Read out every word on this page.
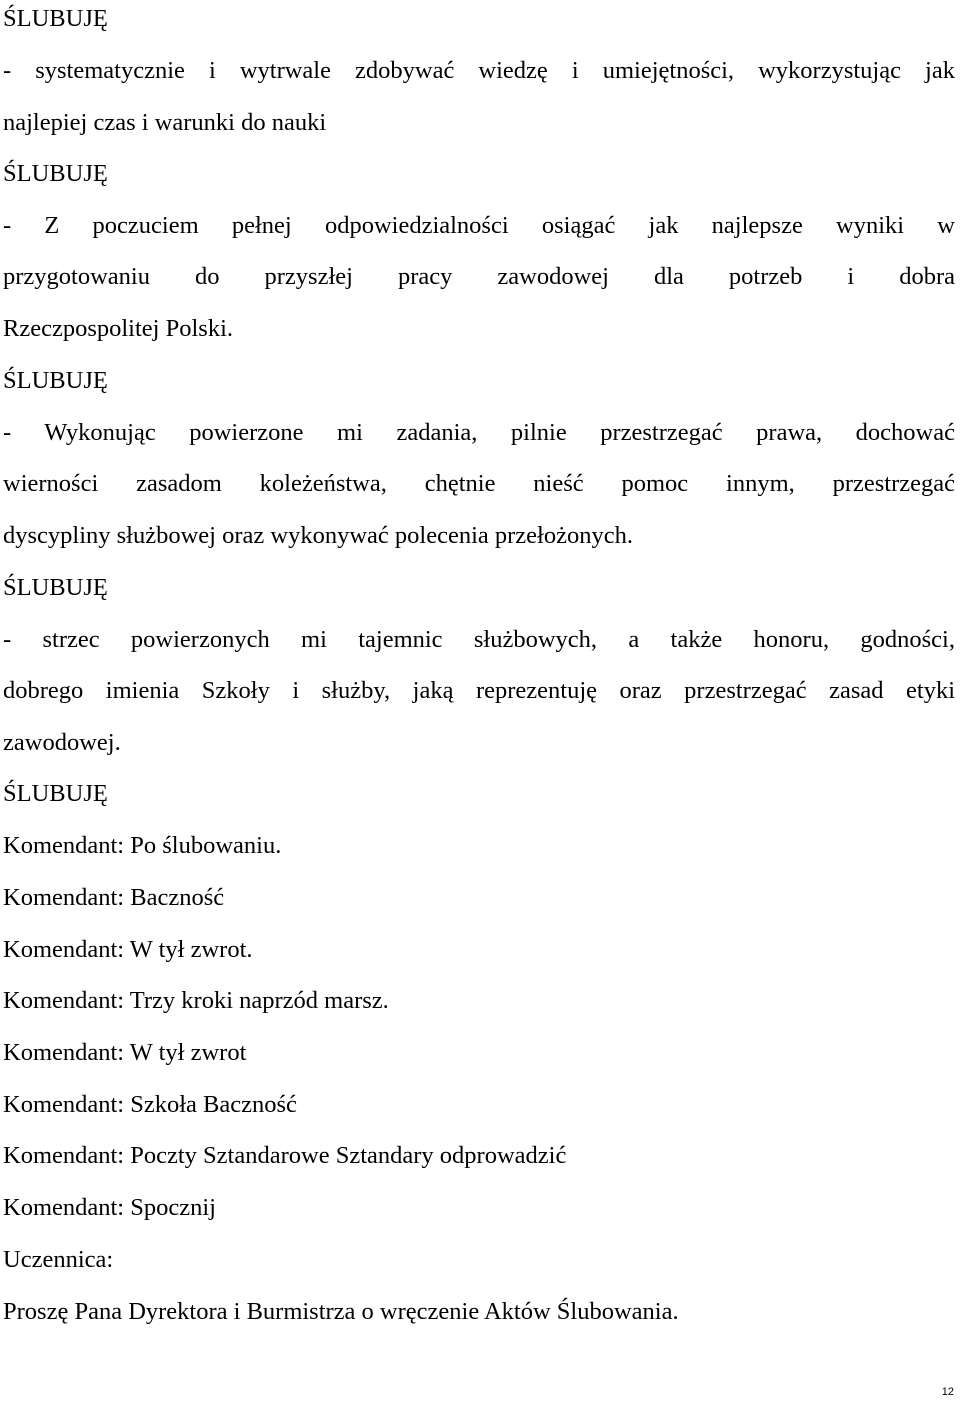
ŚLUBUJĘ
- systematycznie i wytrwale zdobywać wiedzę i umiejętności, wykorzystując jak
najlepiej czas i warunki do nauki
ŚLUBUJĘ
- Z poczuciem pełnej odpowiedzialności osiągać jak najlepsze wyniki w
przygotowaniu do przyszłej pracy zawodowej dla potrzeb i dobra
Rzeczpospolitej Polski.
ŚLUBUJĘ
- Wykonując powierzone mi zadania, pilnie przestrzegać prawa, dochować
wierności zasadom koleżeństwa, chętnie nieść pomoc innym, przestrzegać
dyscypliny służbowej oraz wykonywać polecenia przełożonych.
ŚLUBUJĘ
- strzec powierzonych mi tajemnic służbowych, a także honoru, godności,
dobrego imienia Szkoły i służby, jaką reprezentuję oraz przestrzegać zasad etyki
zawodowej.
ŚLUBUJĘ
Komendant: Po ślubowaniu.
Komendant: Baczność
Komendant: W tył zwrot.
Komendant: Trzy kroki naprzód marsz.
Komendant: W tył zwrot
Komendant: Szkoła Baczność
Komendant: Poczty Sztandarowe Sztandary odprowadzić
Komendant: Spocznij
Uczennica:
Proszę Pana Dyrektora i Burmistrza o wręczenie Aktów Ślubowania.
12
